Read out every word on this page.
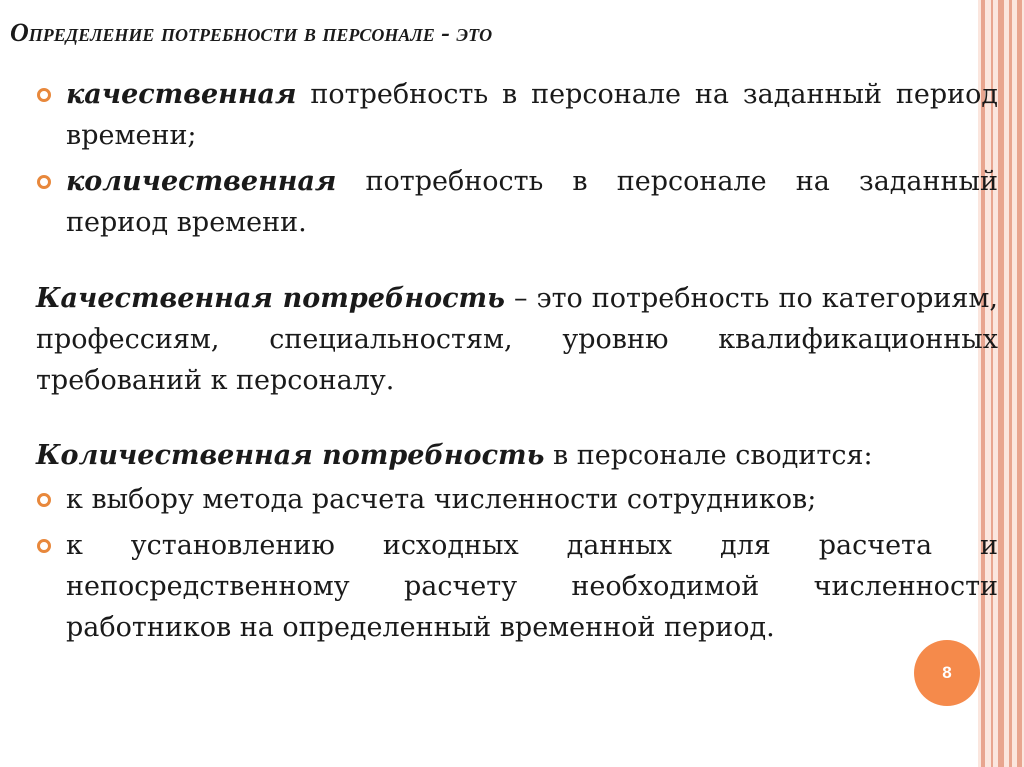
Определение потребности в персонале - это
качественная потребность в персонале на заданный период времени;
количественная потребность в персонале на заданный период времени.
Качественная потребность – это потребность по категориям, профессиям, специальностям, уровню квалификационных требований к персоналу.
Количественная потребность в персонале сводится:
к выбору метода расчета численности сотрудников;
к установлению исходных данных для расчета и непосредственному расчету необходимой численности работников на определенный временной период.
8
